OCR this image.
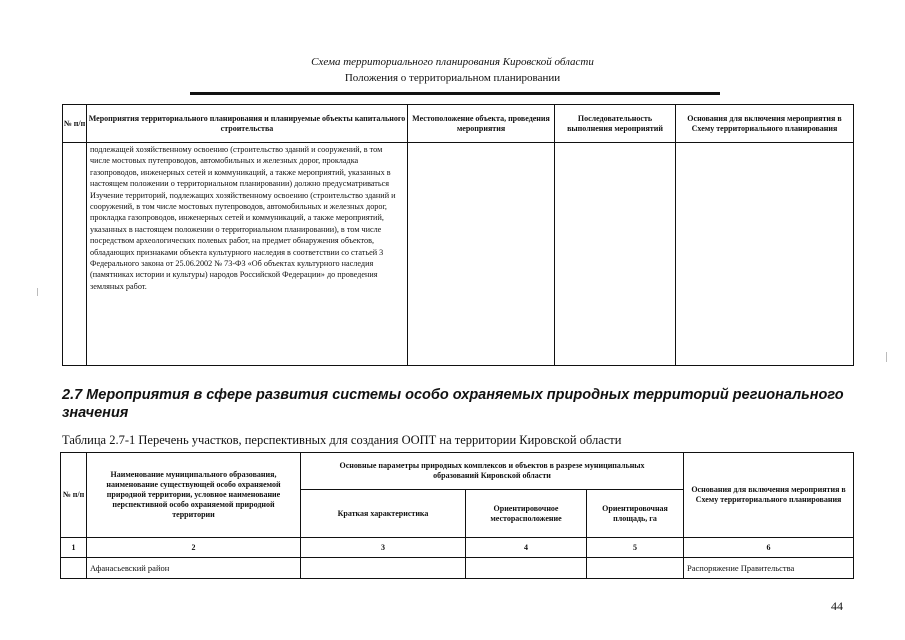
Схема территориального планирования Кировской области
Положения о территориальном планировании
№ п/п	Мероприятия территориального планирования и планируемые объекты капитального строительства	Местоположение объекта, проведения мероприятия	Последовательность выполнения мероприятий	Основания для включения мероприятия в Схему территориального планирования

	подлежащей хозяйственному освоению (строительство зданий и сооружений, в том числе мостовых путепроводов, автомобильных и железных дорог, прокладка газопроводов, инженерных сетей и коммуникаций, а также мероприятий, указанных в настоящем положении о территориальном планировании) должно предусматриваться

Изучение территорий, подлежащих хозяйственному освоению (строительство зданий и сооружений, в том числе мостовых путепроводов, автомобильных и железных дорог, прокладка газопроводов, инженерных сетей и коммуникаций, а также мероприятий, указанных в настоящем положении о территориальном планировании), в том числе посредством археологических полевых работ, на предмет обнаружения объектов, обладающих признаками объекта культурного наследия в соответствии со статьей 3 Федерального закона от 25.06.2002 № 73-ФЗ «Об объектах культурного наследия (памятниках истории и культуры) народов Российской Федерации» до проведения земляных работ.			

2.7 Мероприятия в сфере развития системы особо охраняемых природных территорий регионального значения
Таблица 2.7-1 Перечень участков, перспективных для создания ООПТ на территории Кировской области
№ п/п	Наименование муниципального образования, наименование существующей особо охраняемой природной территории, условное наименование перспективной особо охраняемой природной территории	Основные параметры природных комплексов и объектов в разрезе муниципальных образований Кировской области			Основания для включения мероприятия в Схему территориального планирования
		Краткая характеристика	Ориентировочное месторасположение	Ориентировочная площадь, га	
1	2	3	4	5	6
	Афанасьевский район				Распоряжение Правительства
44
